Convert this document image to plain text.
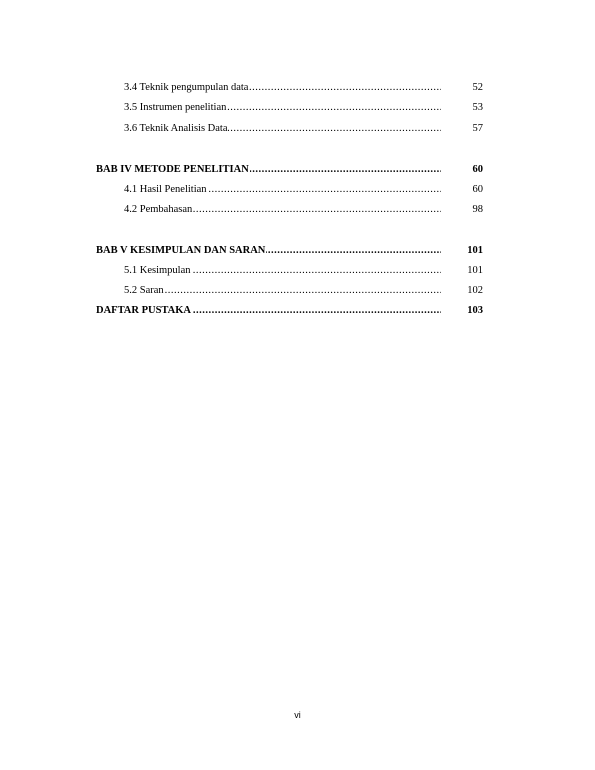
.....
3.4 Teknik pengumpulan data	52
.....
3.5 Instrumen penelitian	53
.....
3.6 Teknik Analisis Data	57
.....
BAB IV METODE PENELITIAN	60
.....
4.1 Hasil Penelitian	60
.....
4.2 Pembahasan	98
.....
BAB V KESIMPULAN DAN SARAN	101
.....
5.1 Kesimpulan	101
.....
5.2 Saran	102
.....
DAFTAR PUSTAKA	103
vi
